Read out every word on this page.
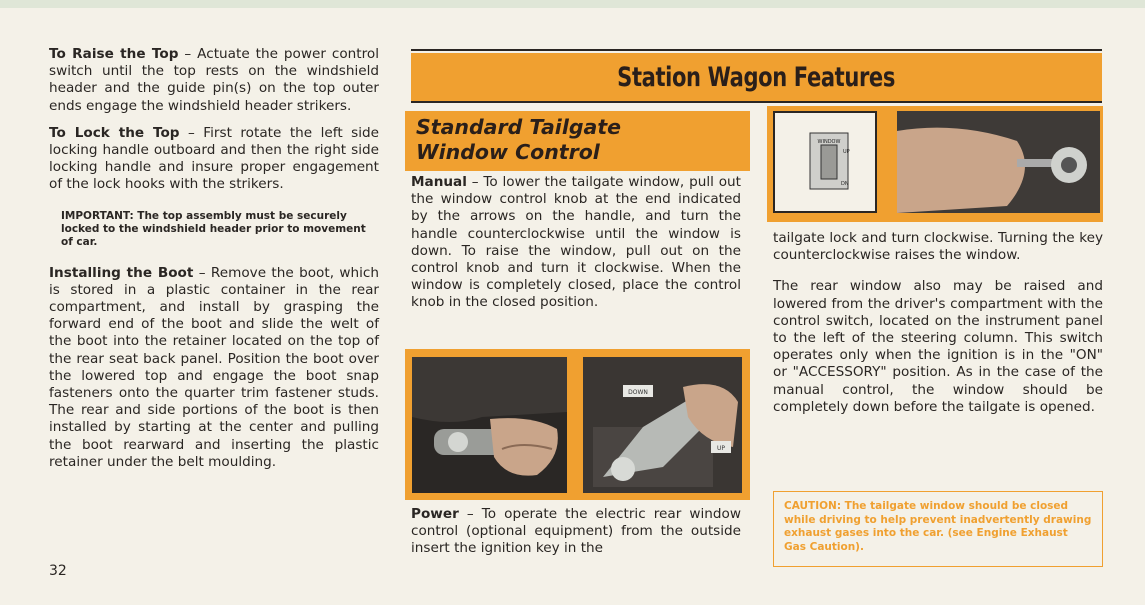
To Raise the Top – Actuate the power control switch until the top rests on the windshield header and the guide pin(s) on the top outer ends engage the windshield header strikers.

To Lock the Top – First rotate the left side locking handle outboard and then the right side locking handle and insure proper engagement of the lock hooks with the strikers.

IMPORTANT: The top assembly must be securely locked to the windshield header prior to movement of car.

Installing the Boot – Remove the boot, which is stored in a plastic container in the rear compartment, and install by grasping the forward end of the boot and slide the welt of the boot into the retainer located on the top of the rear seat back panel. Position the boot over the lowered top and engage the boot snap fasteners onto the quarter trim fastener studs. The rear and side portions of the boot is then installed by starting at the center and pulling the boot rearward and inserting the plastic retainer under the belt moulding.

32
Station Wagon Features
Standard Tailgate
Window Control

Manual – To lower the tailgate window, pull out the window control knob at the end indicated by the arrows on the handle, and turn the handle counterclockwise until the window is down. To raise the window, pull out on the control knob and turn it clockwise. When the window is completely closed, place the control knob in the closed position.

DOWN
UP

Power – To operate the electric rear window control (optional equipment) from the outside insert the ignition key in the

WINDOW
UP
DN

tailgate lock and turn clockwise. Turning the key counterclockwise raises the window.

The rear window also may be raised and lowered from the driver's compartment with the control switch, located on the instrument panel to the left of the steering column. This switch operates only when the ignition is in the "ON" or "ACCESSORY" position. As in the case of the manual control, the window should be completely down before the tailgate is opened.

CAUTION: The tailgate window should be closed while driving to help prevent inadvertently drawing exhaust gases into the car. (see Engine Exhaust Gas Caution).
